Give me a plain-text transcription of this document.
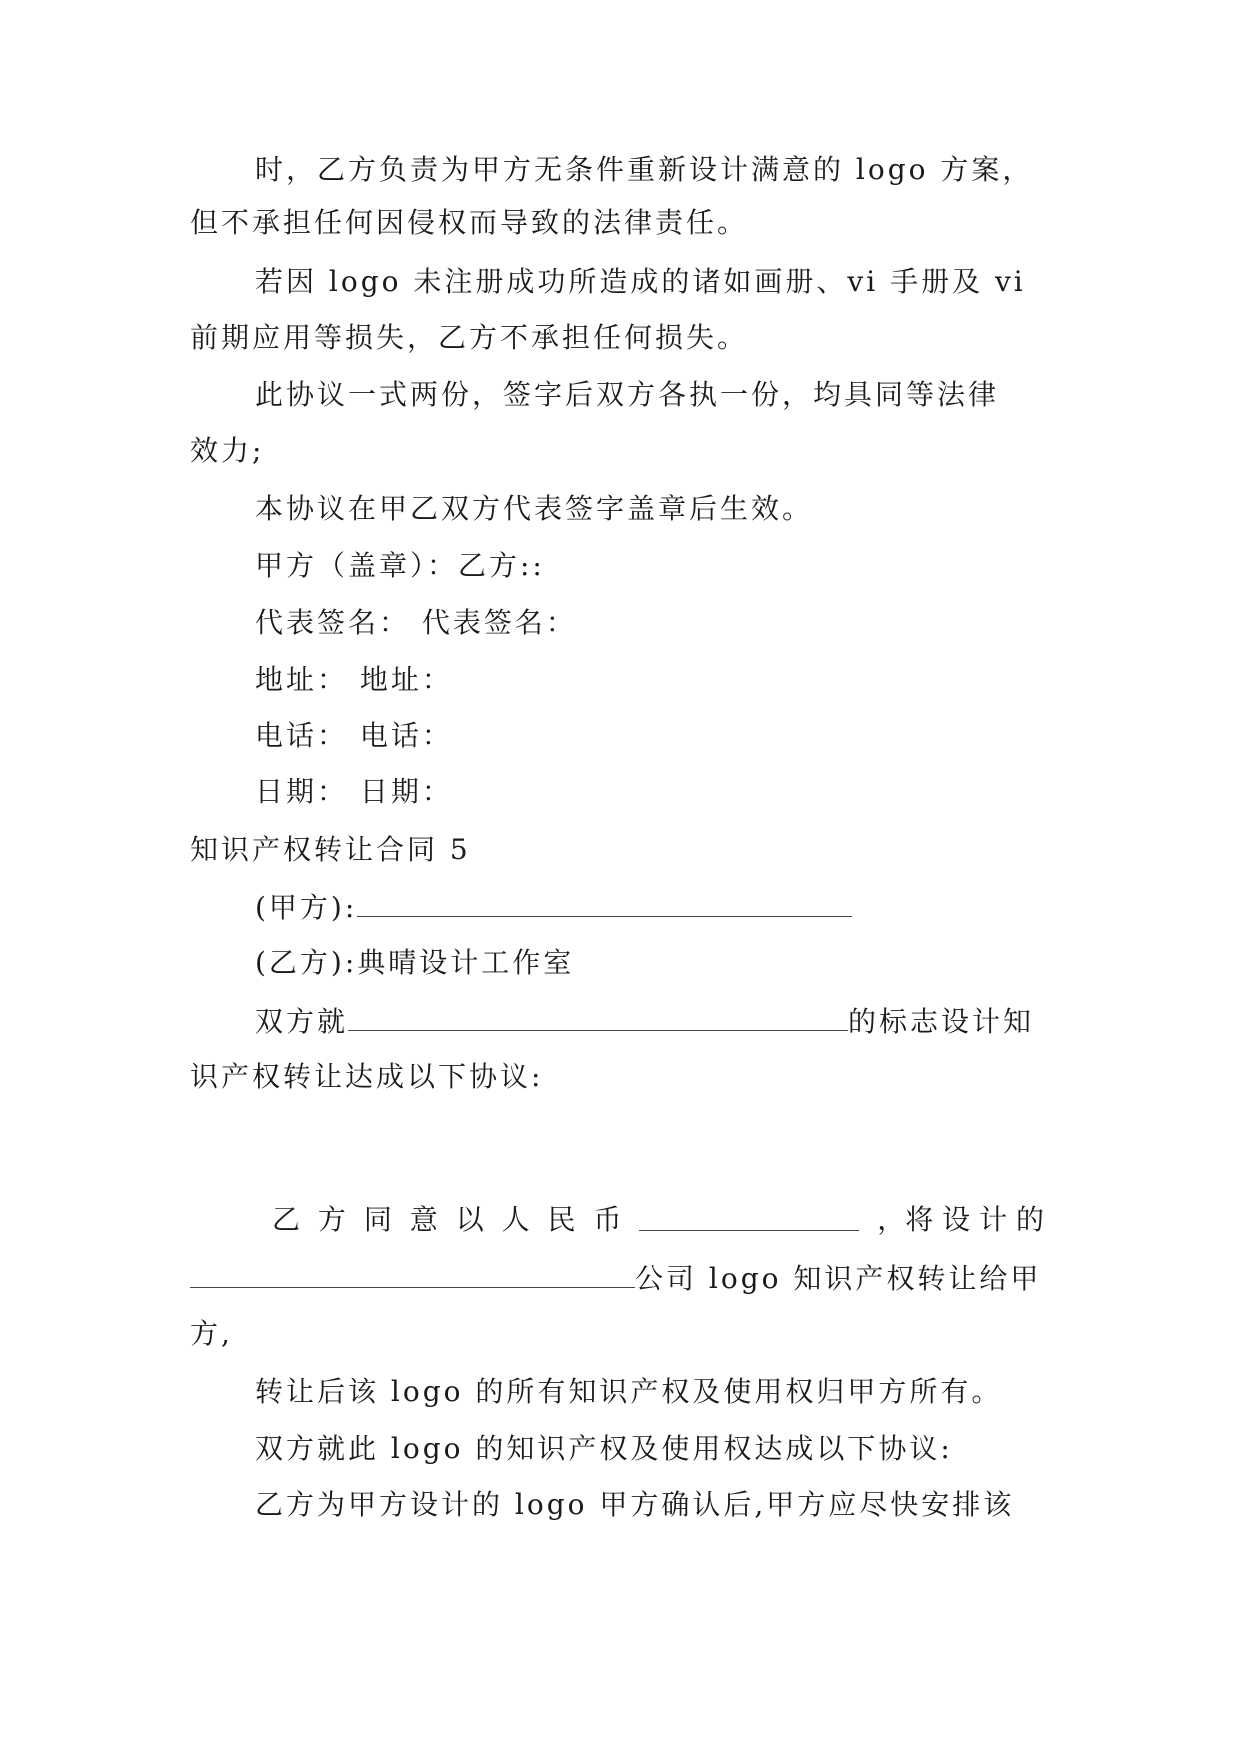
时，乙方负责为甲方无条件重新设计满意的 logo 方案，
但不承担任何因侵权而导致的法律责任。
若因 logo 未注册成功所造成的诸如画册、vi 手册及 vi
前期应用等损失，乙方不承担任何损失。
此协议一式两份，签字后双方各执一份，均具同等法律
效力;
本协议在甲乙双方代表签字盖章后生效。
甲方（盖章）：乙方::
代表签名： 代表签名：
地址： 地址：
电话： 电话：
日期： 日期：
知识产权转让合同 5
(甲方):
(乙方):典晴设计工作室
双方就	的标志设计知
识产权转让达成以下协议:
乙 方 同 意 以 人 民 币	，将 设 计 的
公司 logo 知识产权转让给甲
方,
转让后该 logo 的所有知识产权及使用权归甲方所有。
双方就此 logo 的知识产权及使用权达成以下协议:
乙方为甲方设计的 logo 甲方确认后,甲方应尽快安排该
